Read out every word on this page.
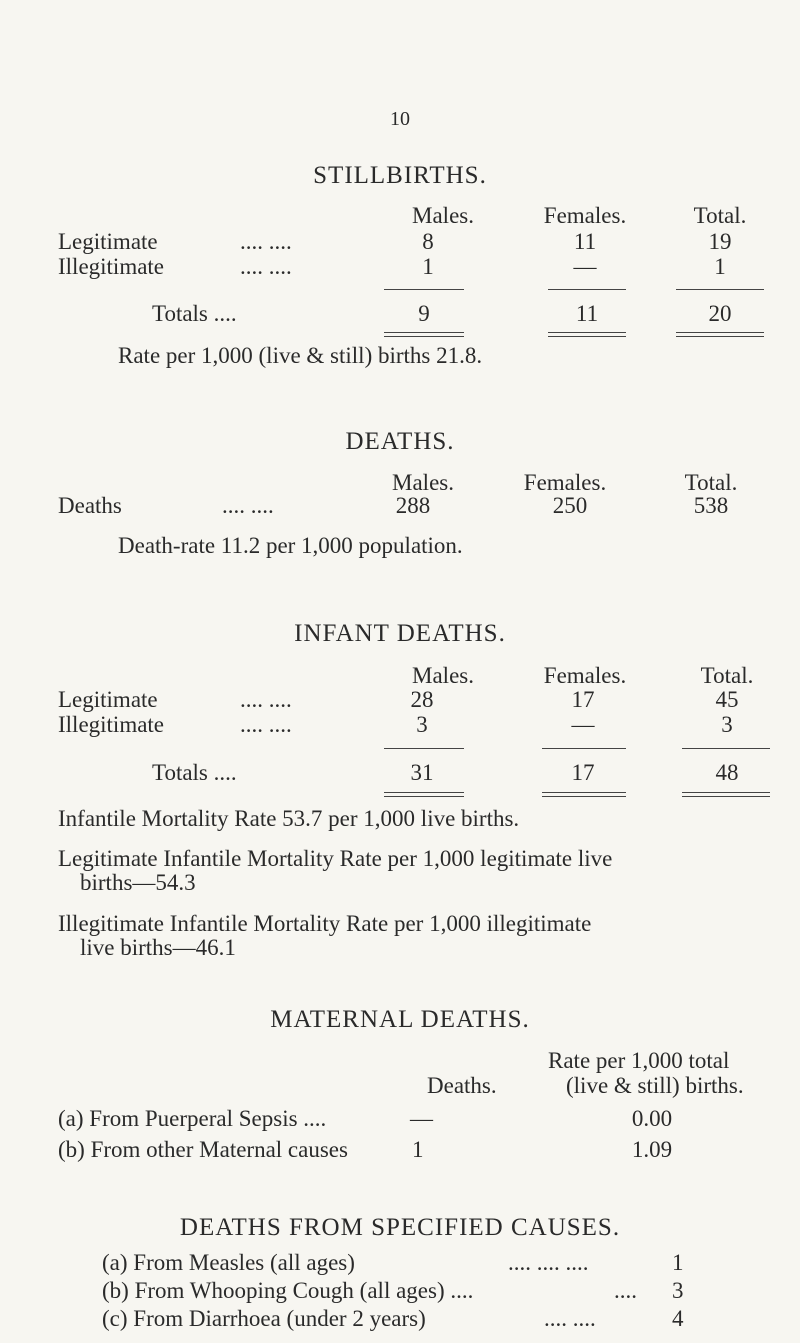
10
STILLBIRTHS.
Males.	Females.	Total.
Legitimate	.... ....	8	11	19
Illegitimate	.... ....	1	—	1
Totals ....	9	11	20
Rate per 1,000 (live & still) births 21.8.
DEATHS.
Males.	Females.	Total.
Deaths	.... ....	288	250	538
Death-rate 11.2 per 1,000 population.
INFANT DEATHS.
Males.	Females.	Total.
Legitimate	.... ....	28	17	45
Illegitimate	.... ....	3	—	3
Totals ....	31	17	48
Infantile Mortality Rate 53.7 per 1,000 live births.
Legitimate Infantile Mortality Rate per 1,000 legitimate live
births—54.3
Illegitimate Infantile Mortality Rate per 1,000 illegitimate
live births—46.1
MATERNAL DEATHS.
Rate per 1,000 total
Deaths.	(live & still) births.
(a) From Puerperal Sepsis ....	—	0.00
(b) From other Maternal causes	1	1.09
DEATHS FROM SPECIFIED CAUSES.
(a) From Measles (all ages)	.... .... ....	1
(b) From Whooping Cough (all ages) ....	.... 3
(c) From Diarrhoea (under 2 years)	.... ....	4
